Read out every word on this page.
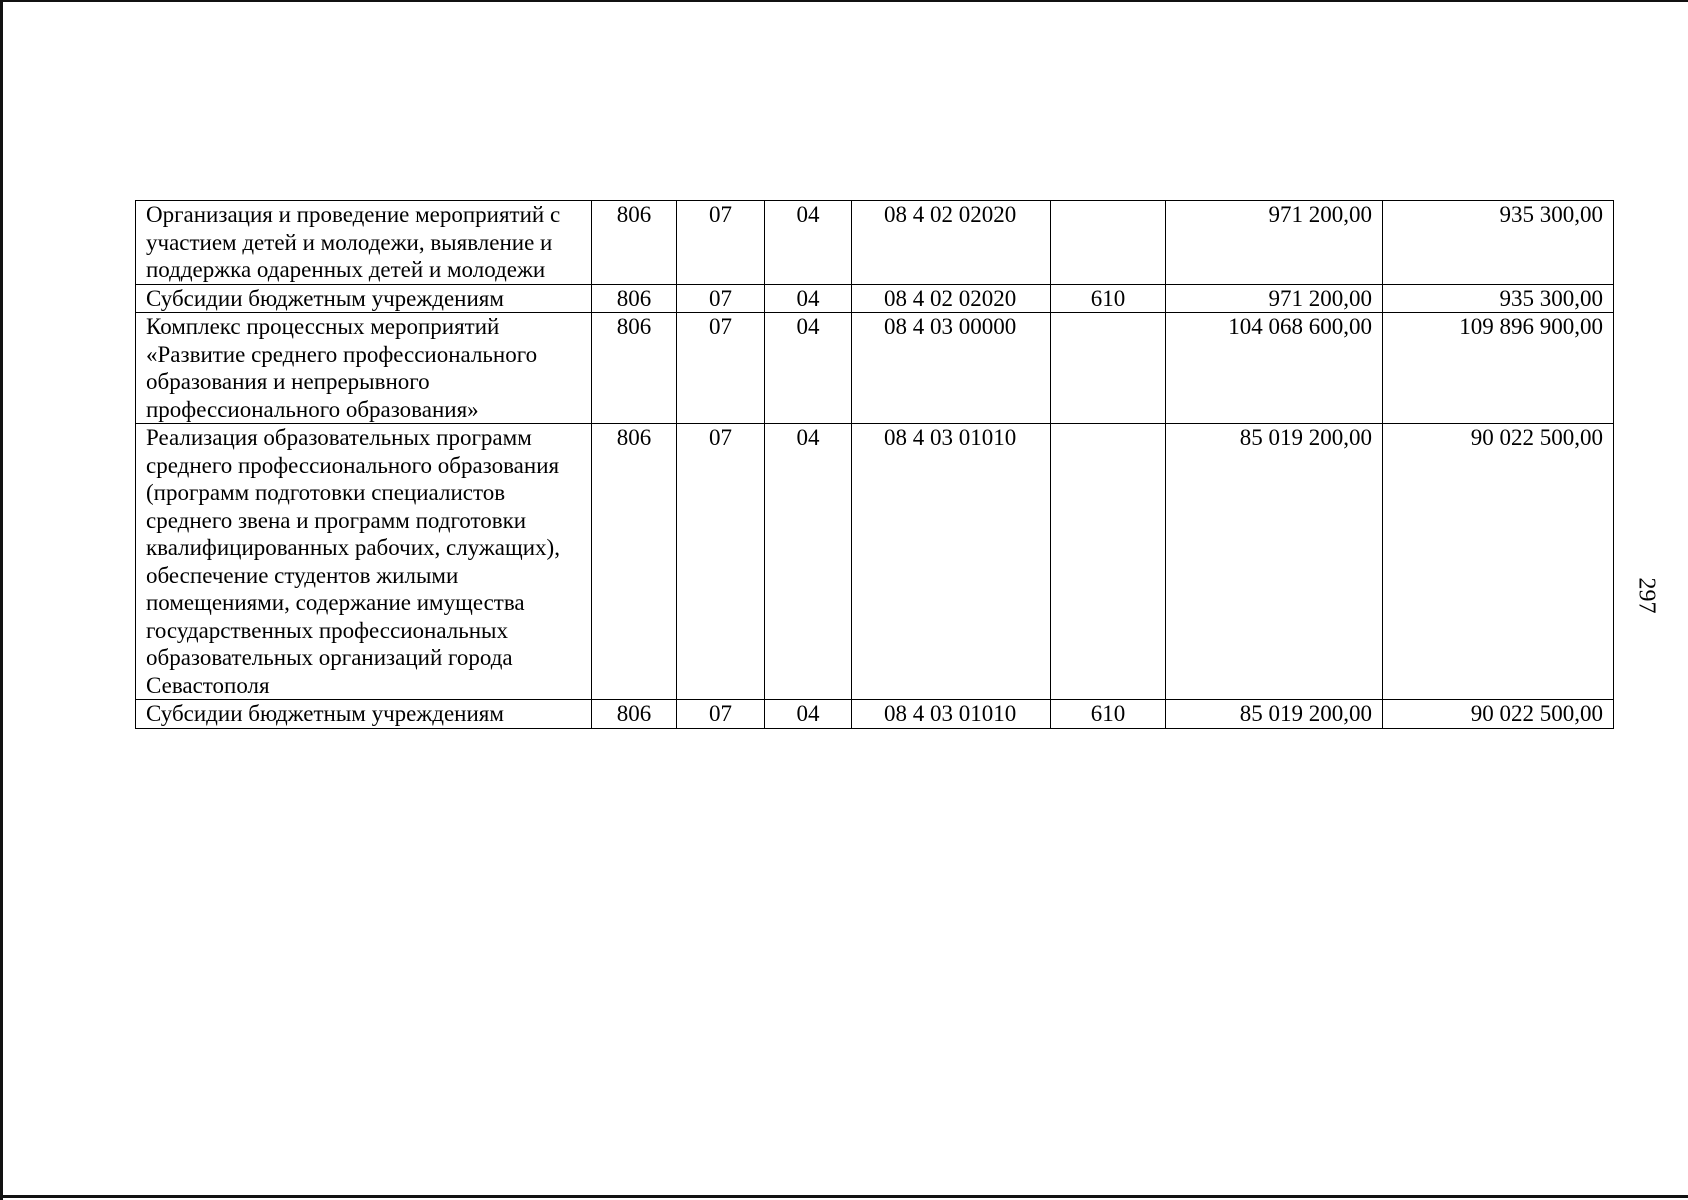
Организация и проведение мероприятий с участием детей и молодежи, выявление и поддержка одаренных детей и молодежи	806	07	04	08 4 02 02020		971 200,00	935 300,00
Субсидии бюджетным учреждениям	806	07	04	08 4 02 02020	610	971 200,00	935 300,00
Комплекс процессных мероприятий «Развитие среднего профессионального образования и непрерывного профессионального образования»	806	07	04	08 4 03 00000		104 068 600,00	109 896 900,00
Реализация образовательных программ среднего профессионального образования (программ подготовки специалистов среднего звена и программ подготовки квалифицированных рабочих, служащих), обеспечение студентов жилыми помещениями, содержание имущества государственных профессиональных образовательных организаций города Севастополя	806	07	04	08 4 03 01010		85 019 200,00	90 022 500,00
Субсидии бюджетным учреждениям	806	07	04	08 4 03 01010	610	85 019 200,00	90 022 500,00
297
